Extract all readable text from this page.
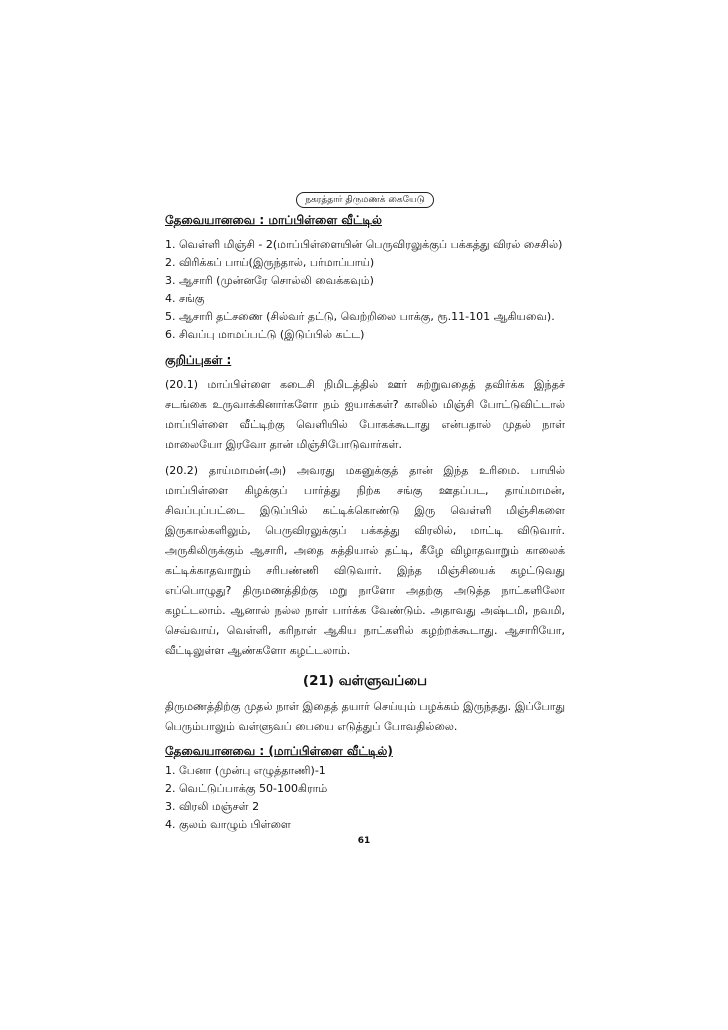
நகரத்தார் திருமணக் கையேடு
தேவையானவை : மாப்பிள்ளை வீட்டில்
1. வெள்ளி மிஞ்சி - 2(மாப்பிள்ளையின் பெருவிரலுக்குப் பக்கத்து விரல் சைசில்)
2. விரிக்கப் பாய்(இருந்தால், பர்மாப்பாய்)
3. ஆசாரி (முன்னரே சொல்லி வைக்கவும்)
4. சங்கு
5. ஆசாரி தட்சணை (சில்வர் தட்டு, வெற்றிலை பாக்கு, ரூ.11-101 ஆகியவை).
6. சிவப்பு மாமப்பட்டு (இடுப்பில் கட்ட)
குறிப்புகள் :

(20.1) மாப்பிள்ளை கடைசி நிமிடத்தில் ஊர் சுற்றுவதைத் தவிர்க்க இந்தச் சடங்கை உருவாக்கினார்களோ நம் ஐயாக்கள்? காலில் மிஞ்சி போட்டுவிட்டால் மாப்பிள்ளை வீட்டிற்கு வெளியில் போகக்கூடாது என்பதால் முதல் நாள் மாலையோ இரவோ தான் மிஞ்சிபோடுவார்கள்.

(20.2) தாய்மாமன்(அ) அவரது மகனுக்குத் தான் இந்த உரிமை. பாயில் மாப்பிள்ளை கிழக்குப் பார்த்து நிற்க சங்கு ஊதப்பட, தாய்மாமன், சிவப்புப்பட்டை இடுப்பில் கட்டிக்கொண்டு இரு வெள்ளி மிஞ்சிகளை இருகால்களிலும், பெருவிரலுக்குப் பக்கத்து விரலில், மாட்டி விடுவார். அருகிலிருக்கும் ஆசாரி, அதை சுத்தியால் தட்டி, கீழே விழாதவாறும் காலைக் கட்டிக்காதவாறும் சரிபண்ணி விடுவார். இந்த மிஞ்சியைக் கழட்டுவது எப்பொழுது? திருமணத்திற்கு மறு நாளோ அதற்கு அடுத்த நாட்களிலோ கழட்டலாம். ஆனால் நல்ல நாள் பார்க்க வேண்டும். அதாவது அஷ்டமி, நவமி, செவ்வாய், வெள்ளி, கரிநாள் ஆகிய நாட்களில் கழற்றக்கூடாது. ஆசாரியோ, வீட்டிலுள்ள ஆண்களோ கழட்டலாம்.

(21) வள்ளுவப்பை

திருமணத்திற்கு முதல் நாள் இதைத் தயார் செய்யும் பழக்கம் இருந்தது. இப்போது பெரும்பாலும் வள்ளுவப் பையை எடுத்துப் போவதில்லை.

தேவையானவை : (மாப்பிள்ளை வீட்டில்)
1. பேனா (முன்பு எழுத்தாணி)-1
2. வெட்டுப்பாக்கு 50-100கிராம்
3. விரலி மஞ்சள் 2
4. குலம் வாழும் பிள்ளை
61
